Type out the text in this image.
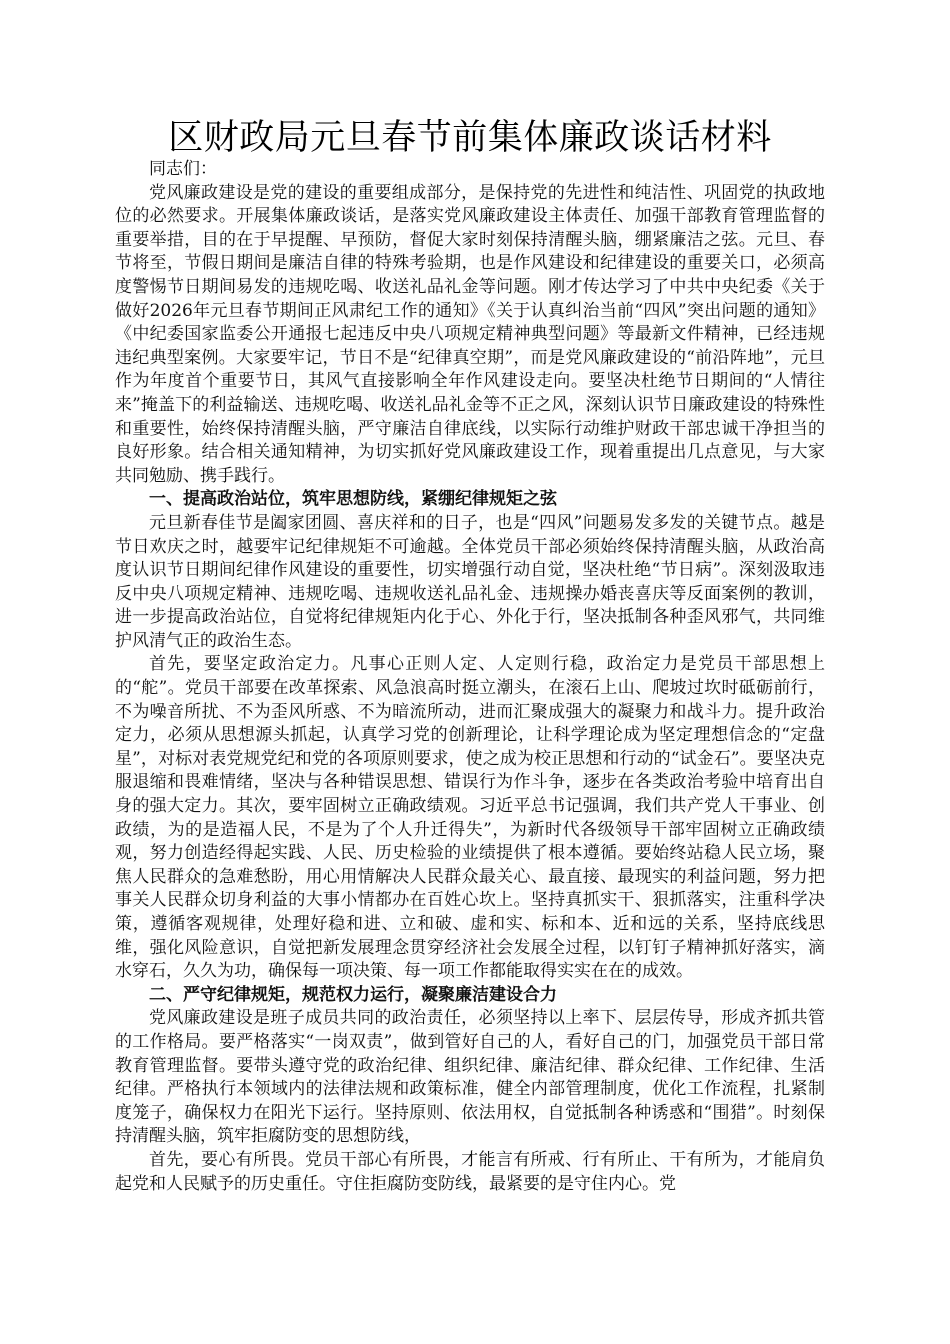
区财政局元旦春节前集体廉政谈话材料

同志们：

党风廉政建设是党的建设的重要组成部分，是保持党的先进性和纯洁性、巩固党的执政地位的必然要求。开展集体廉政谈话，是落实党风廉政建设主体责任、加强干部教育管理监督的重要举措，目的在于早提醒、早预防，督促大家时刻保持清醒头脑，绷紧廉洁之弦。元旦、春节将至，节假日期间是廉洁自律的特殊考验期，也是作风建设和纪律建设的重要关口，必须高度警惕节日期间易发的违规吃喝、收送礼品礼金等问题。刚才传达学习了中共中央纪委《关于做好2026年元旦春节期间正风肃纪工作的通知》《关于认真纠治当前“四风”突出问题的通知》《中纪委国家监委公开通报七起违反中央八项规定精神典型问题》等最新文件精神，已经违规违纪典型案例。大家要牢记，节日不是“纪律真空期”，而是党风廉政建设的“前沿阵地”，元旦作为年度首个重要节日，其风气直接影响全年作风建设走向。要坚决杜绝节日期间的“人情往来”掩盖下的利益输送、违规吃喝、收送礼品礼金等不正之风，深刻认识节日廉政建设的特殊性和重要性，始终保持清醒头脑，严守廉洁自律底线，以实际行动维护财政干部忠诚干净担当的良好形象。结合相关通知精神，为切实抓好党风廉政建设工作，现着重提出几点意见，与大家共同勉励、携手践行。

一、提高政治站位，筑牢思想防线，紧绷纪律规矩之弦

元旦新春佳节是阖家团圆、喜庆祥和的日子，也是“四风”问题易发多发的关键节点。越是节日欢庆之时，越要牢记纪律规矩不可逾越。全体党员干部必须始终保持清醒头脑，从政治高度认识节日期间纪律作风建设的重要性，切实增强行动自觉，坚决杜绝“节日病”。深刻汲取违反中央八项规定精神、违规吃喝、违规收送礼品礼金、违规操办婚丧喜庆等反面案例的教训，进一步提高政治站位，自觉将纪律规矩内化于心、外化于行，坚决抵制各种歪风邪气，共同维护风清气正的政治生态。

首先，要坚定政治定力。凡事心正则人定、人定则行稳，政治定力是党员干部思想上的“舵”。党员干部要在改革探索、风急浪高时挺立潮头，在滚石上山、爬坡过坎时砥砺前行，不为噪音所扰、不为歪风所惑、不为暗流所动，进而汇聚成强大的凝聚力和战斗力。提升政治定力，必须从思想源头抓起，认真学习党的创新理论，让科学理论成为坚定理想信念的“定盘星”，对标对表党规党纪和党的各项原则要求，使之成为校正思想和行动的“试金石”。要坚决克服退缩和畏难情绪，坚决与各种错误思想、错误行为作斗争，逐步在各类政治考验中培育出自身的强大定力。其次，要牢固树立正确政绩观。习近平总书记强调，我们共产党人干事业、创政绩，为的是造福人民，不是为了个人升迁得失”，为新时代各级领导干部牢固树立正确政绩观，努力创造经得起实践、人民、历史检验的业绩提供了根本遵循。要始终站稳人民立场，聚焦人民群众的急难愁盼，用心用情解决人民群众最关心、最直接、最现实的利益问题，努力把事关人民群众切身利益的大事小情都办在百姓心坎上。坚持真抓实干、狠抓落实，注重科学决策，遵循客观规律，处理好稳和进、立和破、虚和实、标和本、近和远的关系，坚持底线思维，强化风险意识，自觉把新发展理念贯穿经济社会发展全过程，以钉钉子精神抓好落实，滴水穿石，久久为功，确保每一项决策、每一项工作都能取得实实在在的成效。

二、严守纪律规矩，规范权力运行，凝聚廉洁建设合力

党风廉政建设是班子成员共同的政治责任，必须坚持以上率下、层层传导，形成齐抓共管的工作格局。要严格落实“一岗双责”，做到管好自己的人，看好自己的门，加强党员干部日常教育管理监督。要带头遵守党的政治纪律、组织纪律、廉洁纪律、群众纪律、工作纪律、生活纪律。严格执行本领域内的法律法规和政策标准，健全内部管理制度，优化工作流程，扎紧制度笼子，确保权力在阳光下运行。坚持原则、依法用权，自觉抵制各种诱惑和“围猎”。时刻保持清醒头脑，筑牢拒腐防变的思想防线，

首先，要心有所畏。党员干部心有所畏，才能言有所戒、行有所止、干有所为，才能肩负起党和人民赋予的历史重任。守住拒腐防变防线，最紧要的是守住内心。党
